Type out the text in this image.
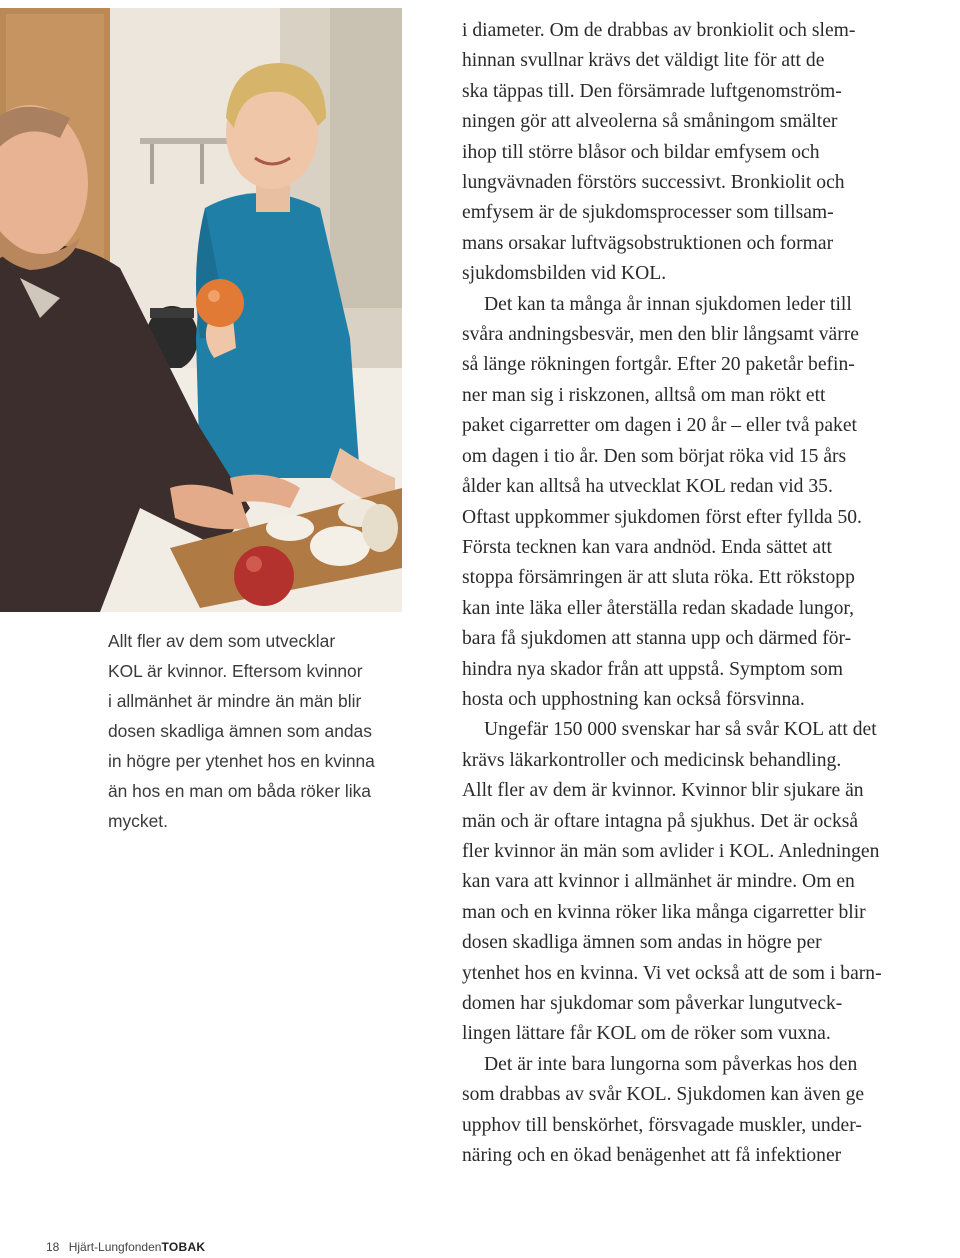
Allt fler av dem som utvecklar
KOL är kvinnor. Eftersom kvinnor
i allmänhet är mindre än män blir
dosen skadliga ämnen som andas
in högre per ytenhet hos en kvinna
än hos en man om båda röker lika
mycket.
i diameter. Om de drabbas av bronkiolit och slem-
hinnan svullnar krävs det väldigt lite för att de
ska täppas till. Den försämrade luftgenomström-
ningen gör att alveolerna så småningom smälter
ihop till större blåsor och bildar emfysem och
lungvävnaden förstörs successivt. Bronkiolit och
emfysem är de sjukdomsprocesser som tillsam-
mans orsakar luftvägsobstruktionen och formar
sjukdomsbilden vid KOL.
Det kan ta många år innan sjukdomen leder till
svåra andningsbesvär, men den blir långsamt värre
så länge rökningen fortgår. Efter 20 paketår befin-
ner man sig i riskzonen, alltså om man rökt ett
paket cigarretter om dagen i 20 år – eller två paket
om dagen i tio år. Den som börjat röka vid 15 års
ålder kan alltså ha utvecklat KOL redan vid 35.
Oftast uppkommer sjukdomen först efter fyllda 50.
Första tecknen kan vara andnöd. Enda sättet att
stoppa försämringen är att sluta röka. Ett rökstopp
kan inte läka eller återställa redan skadade lungor,
bara få sjukdomen att stanna upp och därmed för-
hindra nya skador från att uppstå. Symptom som
hosta och upphostning kan också försvinna.
Ungefär 150 000 svenskar har så svår KOL att det
krävs läkarkontroller och medicinsk behandling.
Allt fler av dem är kvinnor. Kvinnor blir sjukare än
män och är oftare intagna på sjukhus. Det är också
fler kvinnor än män som avlider i KOL. Anledningen
kan vara att kvinnor i allmänhet är mindre. Om en
man och en kvinna röker lika många cigarretter blir
dosen skadliga ämnen som andas in högre per
ytenhet hos en kvinna. Vi vet också att de som i barn-
domen har sjukdomar som påverkar lungutveck-
lingen lättare får KOL om de röker som vuxna.
Det är inte bara lungorna som påverkas hos den
som drabbas av svår KOL. Sjukdomen kan även ge
upphov till benskörhet, försvagade muskler, under-
näring och en ökad benägenhet att få infektioner
18 Hjärt-LungfondenTOBAK
